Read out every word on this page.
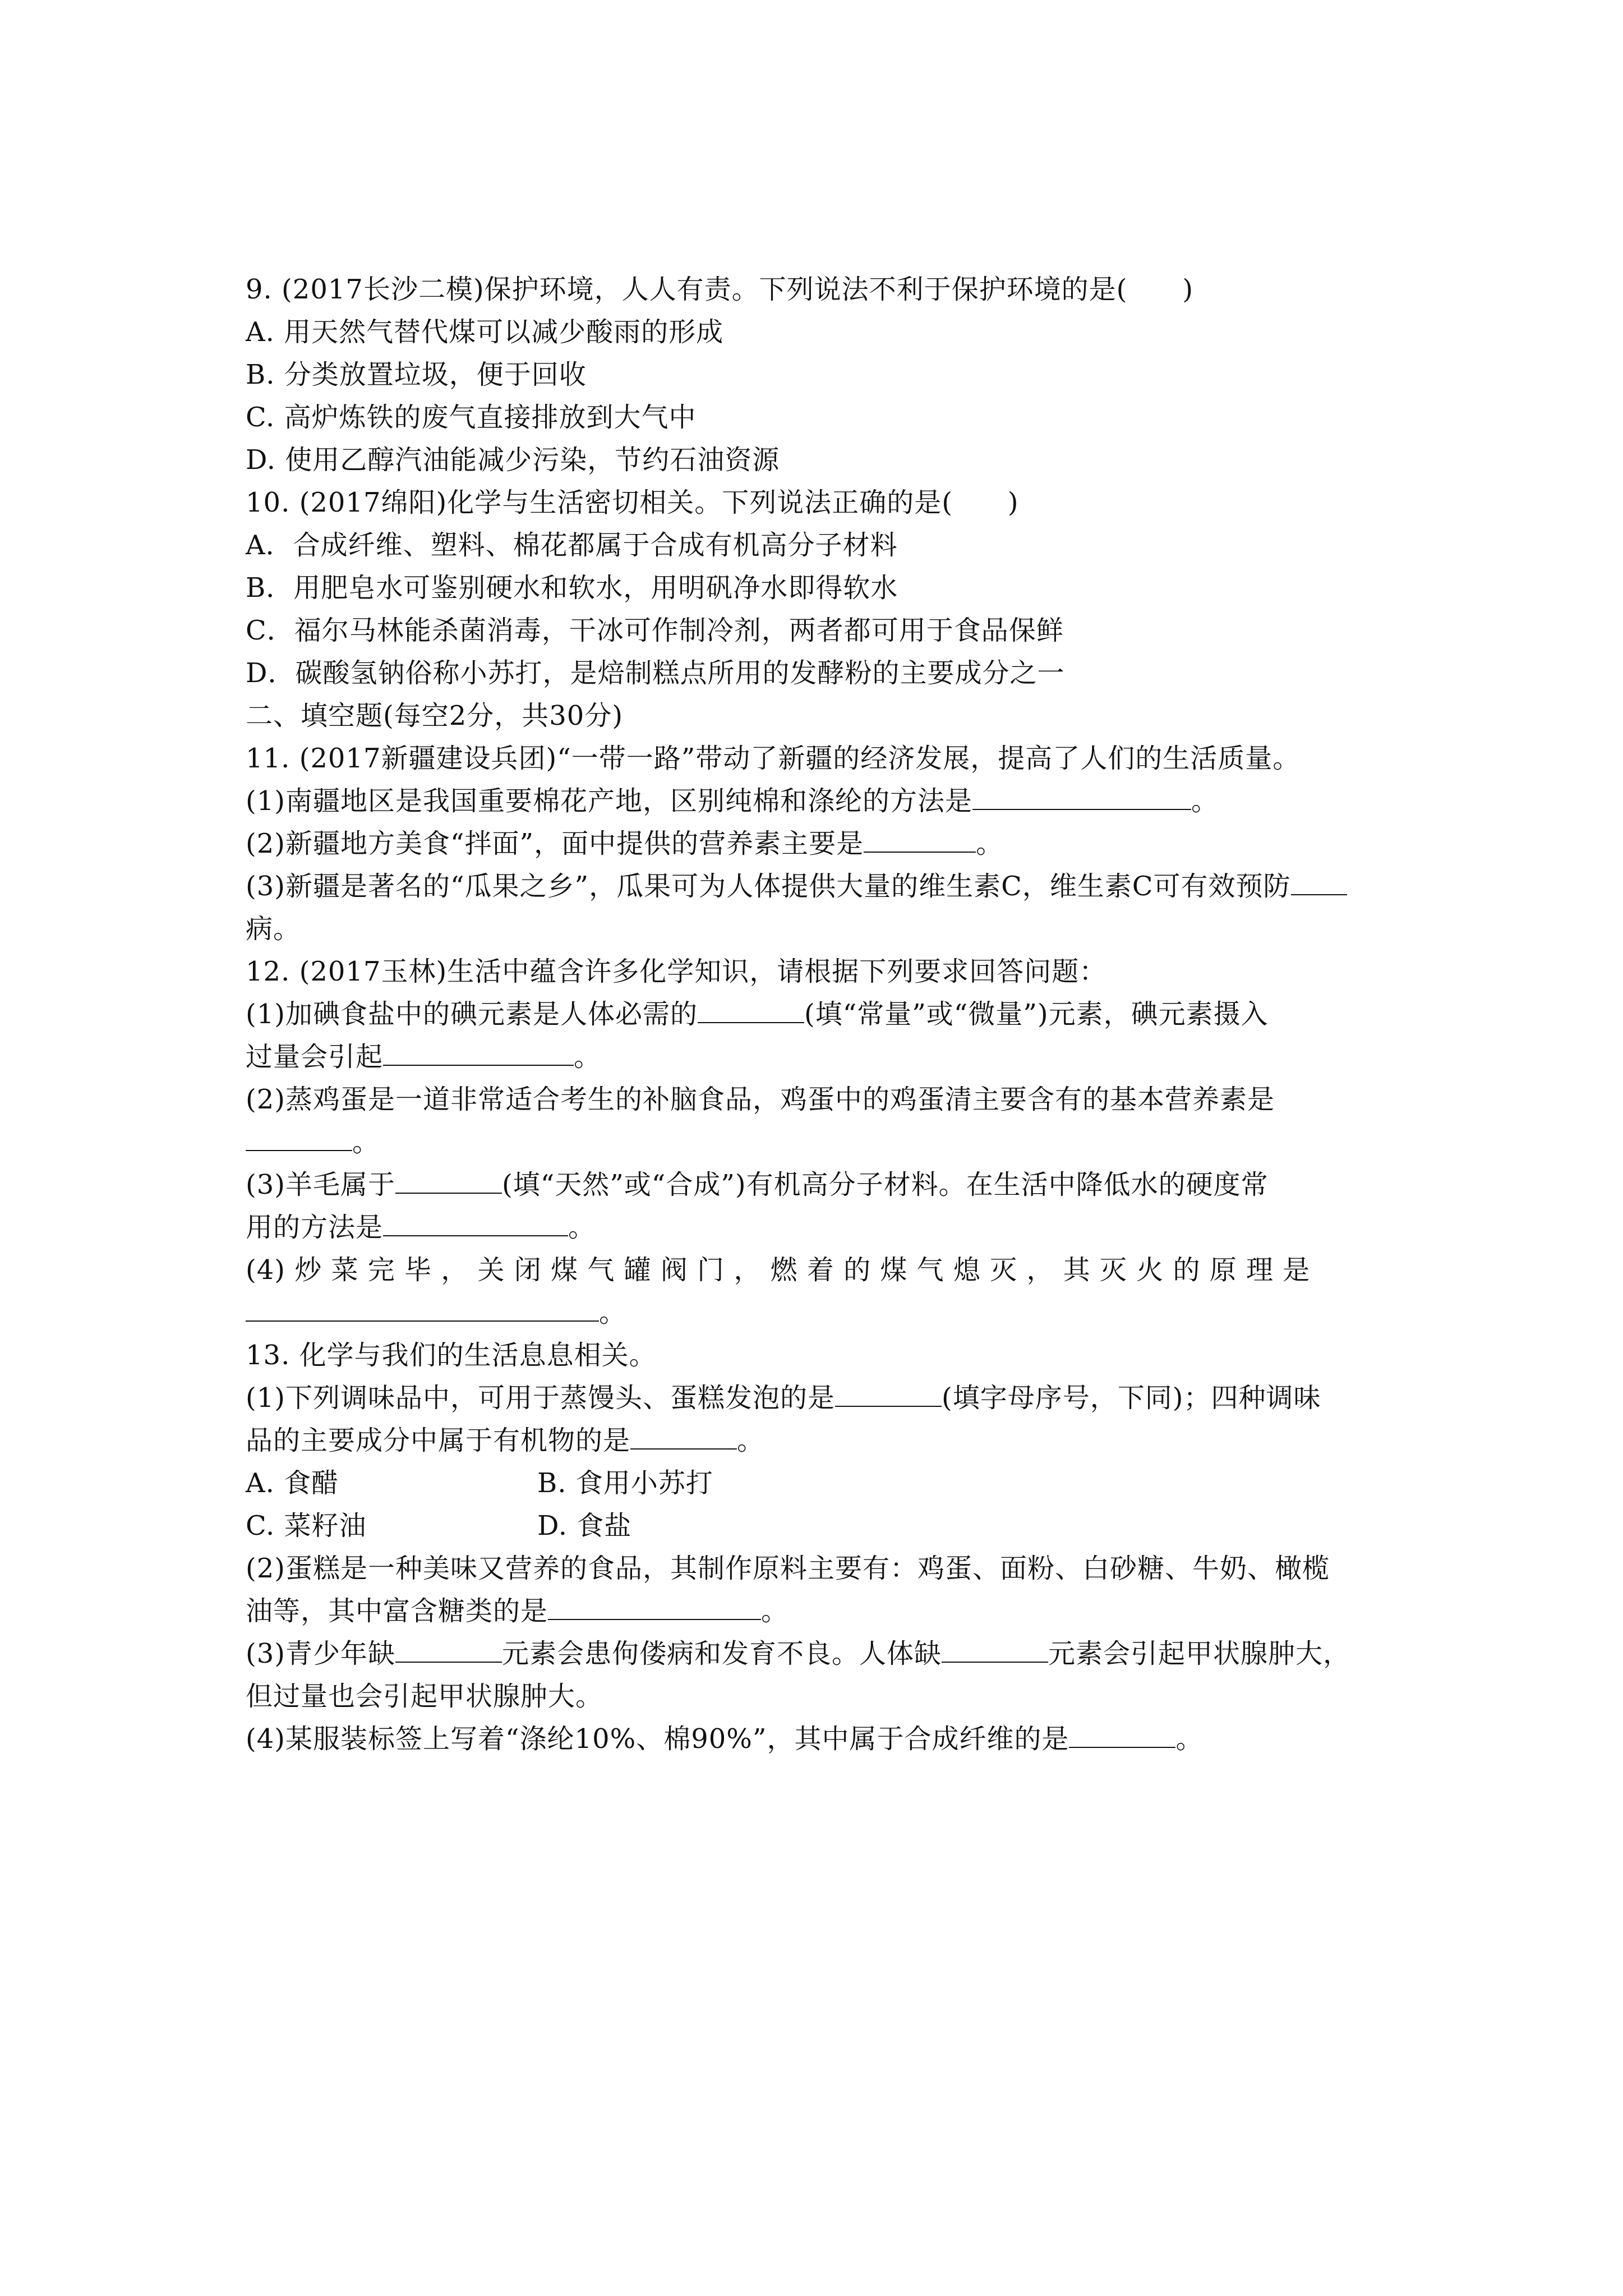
9. (2017长沙二模)保护环境，人人有责。下列说法不利于保护环境的是(　　)
A. 用天然气替代煤可以减少酸雨的形成
B. 分类放置垃圾，便于回收
C. 高炉炼铁的废气直接排放到大气中
D. 使用乙醇汽油能减少污染，节约石油资源
10. (2017绵阳)化学与生活密切相关。下列说法正确的是(　　)
A．合成纤维、塑料、棉花都属于合成有机高分子材料
B．用肥皂水可鉴别硬水和软水，用明矾净水即得软水
C．福尔马林能杀菌消毒，干冰可作制冷剂，两者都可用于食品保鲜
D．碳酸氢钠俗称小苏打，是焙制糕点所用的发酵粉的主要成分之一
二、填空题(每空2分，共30分)
11. (2017新疆建设兵团)“一带一路”带动了新疆的经济发展，提高了人们的生活质量。
(1)南疆地区是我国重要棉花产地，区别纯棉和涤纶的方法是	。
(2)新疆地方美食“拌面”，面中提供的营养素主要是	。
(3)新疆是著名的“瓜果之乡”，瓜果可为人体提供大量的维生素C，维生素C可有效预防
病。
12. (2017玉林)生活中蕴含许多化学知识，请根据下列要求回答问题：
(1)加碘食盐中的碘元素是人体必需的	(填“常量”或“微量”)元素，碘元素摄入
过量会引起	。
(2)蒸鸡蛋是一道非常适合考生的补脑食品，鸡蛋中的鸡蛋清主要含有的基本营养素是
。
(3)羊毛属于	(填“天然”或“合成”)有机高分子材料。在生活中降低水的硬度常
用的方法是	。
(4) 炒 菜 完 毕 ， 关 闭 煤 气 罐 阀 门 ， 燃 着 的 煤 气 熄 灭 ， 其 灭 火 的 原 理 是
。
13. 化学与我们的生活息息相关。
(1)下列调味品中，可用于蒸馒头、蛋糕发泡的是	(填字母序号，下同)；四种调味
品的主要成分中属于有机物的是	。
A. 食醋	B. 食用小苏打
C. 菜籽油	D. 食盐
(2)蛋糕是一种美味又营养的食品，其制作原料主要有：鸡蛋、面粉、白砂糖、牛奶、橄榄
油等，其中富含糖类的是	。
(3)青少年缺	元素会患佝偻病和发育不良。人体缺	元素会引起甲状腺肿大，
但过量也会引起甲状腺肿大。
(4)某服装标签上写着“涤纶10%、棉90%”，其中属于合成纤维的是	。
